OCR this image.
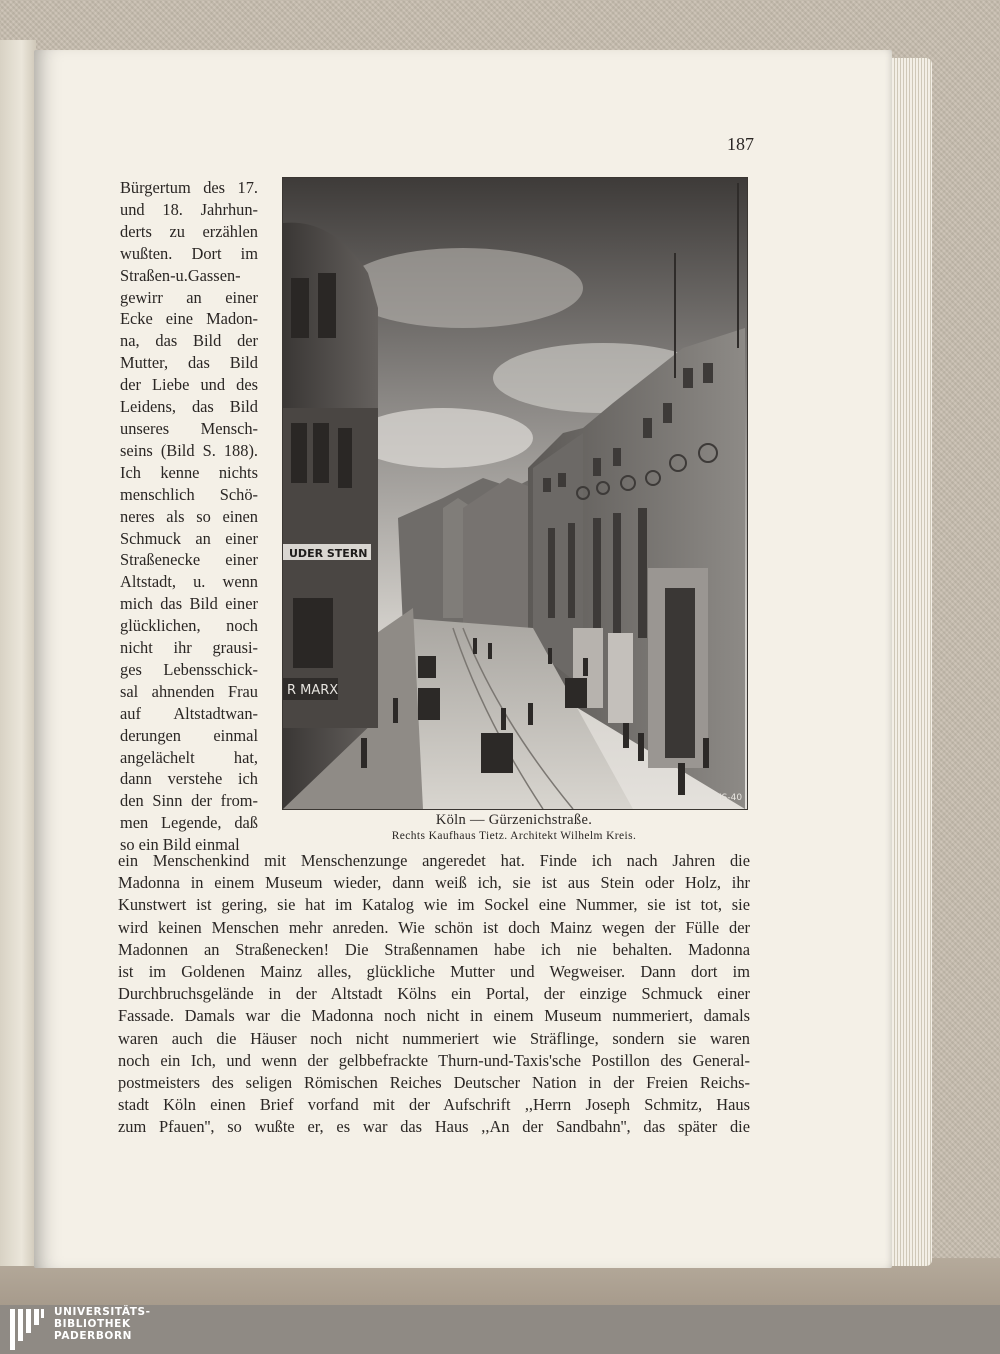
187
Bürgertum des 17.
und 18. Jahrhun-
derts zu erzählen
wußten. Dort im
Straßen-u.Gassen-
gewirr an einer
Ecke eine Madon-
na, das Bild der
Mutter, das Bild
der Liebe und des
Leidens, das Bild
unseres Mensch-
seins (Bild S. 188).
Ich kenne nichts
menschlich Schö-
neres als so einen
Schmuck an einer
Straßenecke einer
Altstadt, u. wenn
mich das Bild einer
glücklichen, noch
nicht ihr grausi-
ges Lebensschick-
sal ahnenden Frau
auf Altstadtwan-
derungen einmal
angelächelt hat,
dann verstehe ich
den Sinn der from-
men Legende, daß
so ein Bild einmal
UDER STERN
R MARX
IS-40
Köln — Gürzenichstraße.
Rechts Kaufhaus Tietz. Architekt Wilhelm Kreis.
ein Menschenkind mit Menschenzunge angeredet hat. Finde ich nach Jahren die
Madonna in einem Museum wieder, dann weiß ich, sie ist aus Stein oder Holz, ihr
Kunstwert ist gering, sie hat im Katalog wie im Sockel eine Nummer, sie ist tot, sie
wird keinen Menschen mehr anreden. Wie schön ist doch Mainz wegen der Fülle der
Madonnen an Straßenecken! Die Straßennamen habe ich nie behalten. Madonna
ist im Goldenen Mainz alles, glückliche Mutter und Wegweiser. Dann dort im
Durchbruchsgelände in der Altstadt Kölns ein Portal, der einzige Schmuck einer
Fassade. Damals war die Madonna noch nicht in einem Museum nummeriert, damals
waren auch die Häuser noch nicht nummeriert wie Sträflinge, sondern sie waren
noch ein Ich, und wenn der gelbbefrackte Thurn-und-Taxis'sche Postillon des General-
postmeisters des seligen Römischen Reiches Deutscher Nation in der Freien Reichs-
stadt Köln einen Brief vorfand mit der Aufschrift ,,Herrn Joseph Schmitz, Haus
zum Pfauen'', so wußte er, es war das Haus ,,An der Sandbahn'', das später die
UNIVERSITÄTS-
BIBLIOTHEK
PADERBORN
